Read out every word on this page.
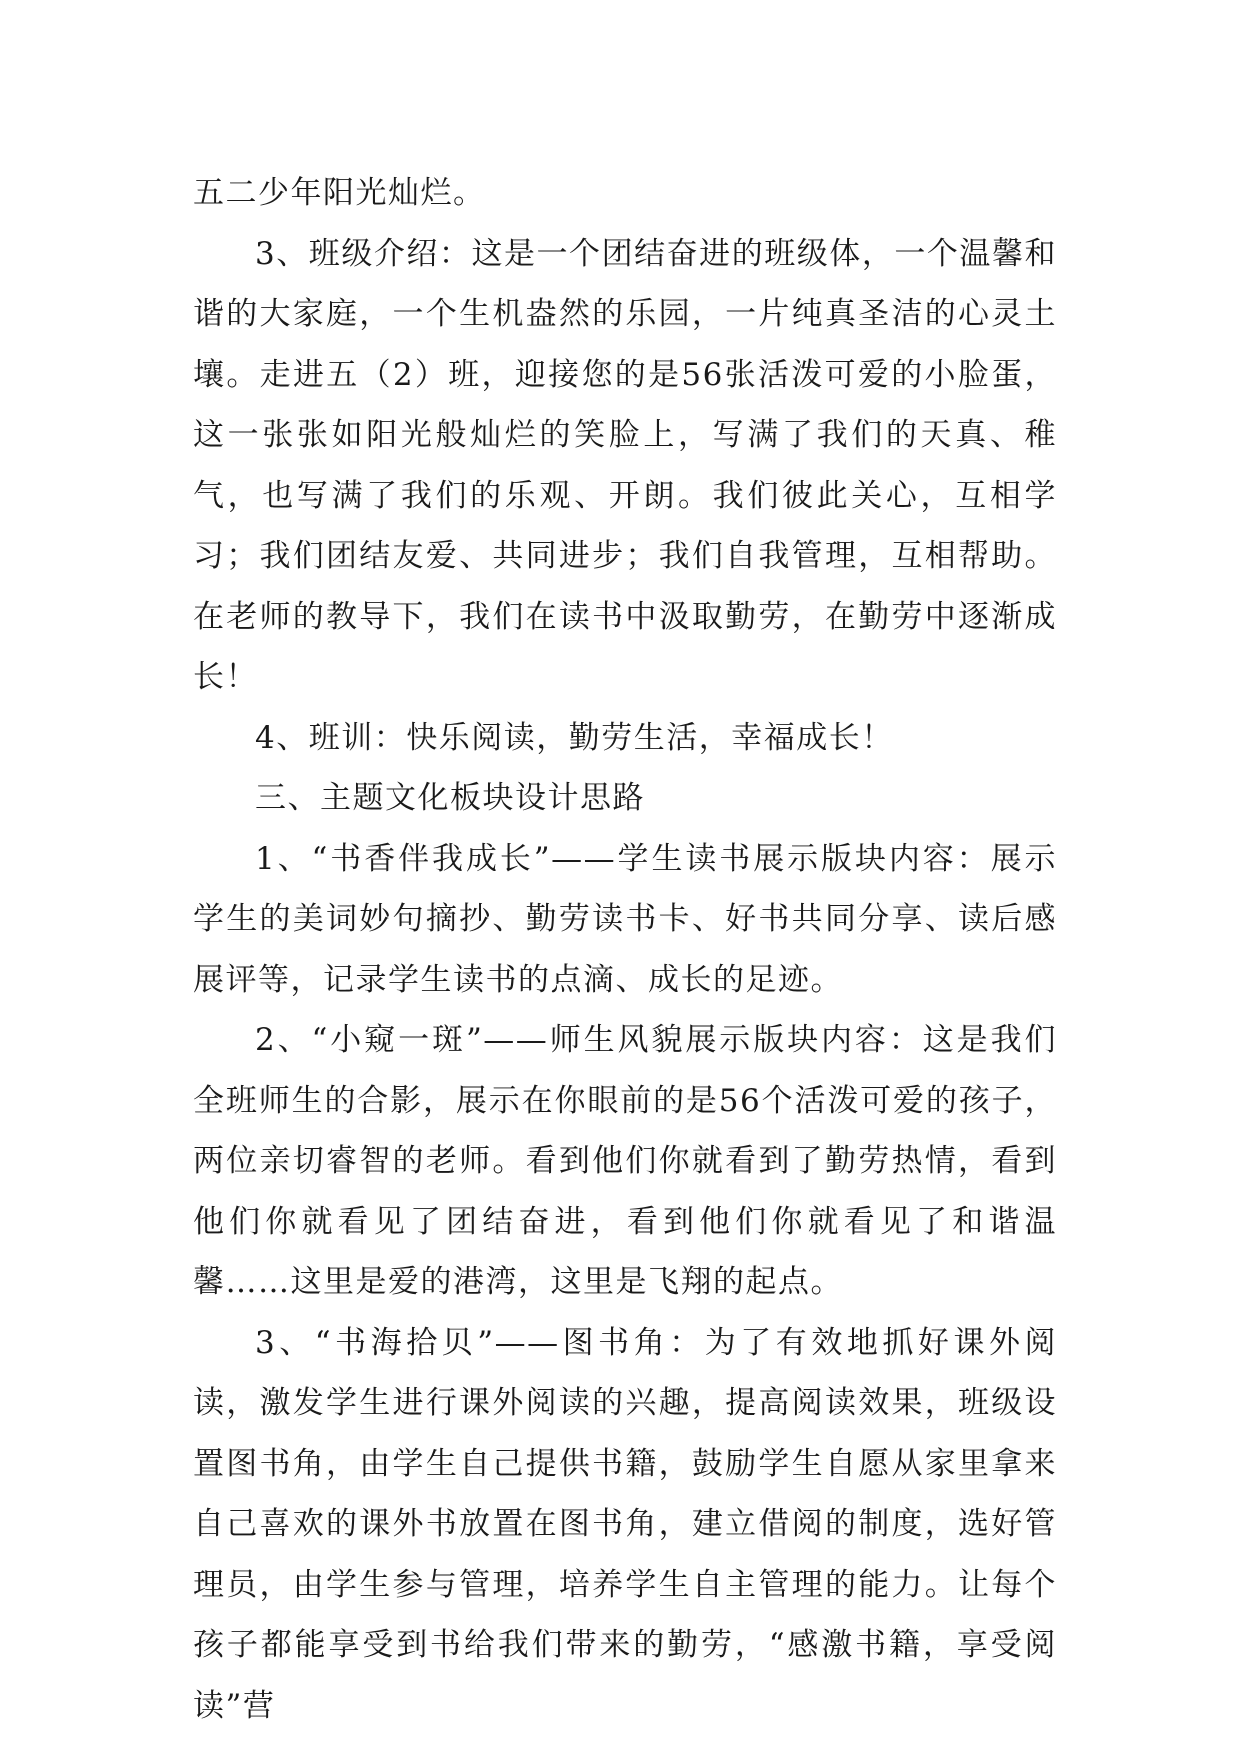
五二少年阳光灿烂。

3、班级介绍：这是一个团结奋进的班级体，一个温馨和谐的大家庭，一个生机盎然的乐园，一片纯真圣洁的心灵土壤。走进五（2）班，迎接您的是56张活泼可爱的小脸蛋，这一张张如阳光般灿烂的笑脸上，写满了我们的天真、稚气，也写满了我们的乐观、开朗。我们彼此关心，互相学习；我们团结友爱、共同进步；我们自我管理，互相帮助。在老师的教导下，我们在读书中汲取勤劳，在勤劳中逐渐成长！

4、班训：快乐阅读，勤劳生活，幸福成长！

三、主题文化板块设计思路

1、“书香伴我成长”——学生读书展示版块内容：展示学生的美词妙句摘抄、勤劳读书卡、好书共同分享、读后感展评等，记录学生读书的点滴、成长的足迹。

2、“小窥一斑”——师生风貌展示版块内容：这是我们全班师生的合影，展示在你眼前的是56个活泼可爱的孩子，两位亲切睿智的老师。看到他们你就看到了勤劳热情，看到他们你就看见了团结奋进，看到他们你就看见了和谐温馨……这里是爱的港湾，这里是飞翔的起点。

3、“书海拾贝”——图书角：为了有效地抓好课外阅读，激发学生进行课外阅读的兴趣，提高阅读效果，班级设置图书角，由学生自己提供书籍，鼓励学生自愿从家里拿来自己喜欢的课外书放置在图书角，建立借阅的制度，选好管理员，由学生参与管理，培养学生自主管理的能力。让每个孩子都能享受到书给我们带来的勤劳，“感激书籍，享受阅读”营
